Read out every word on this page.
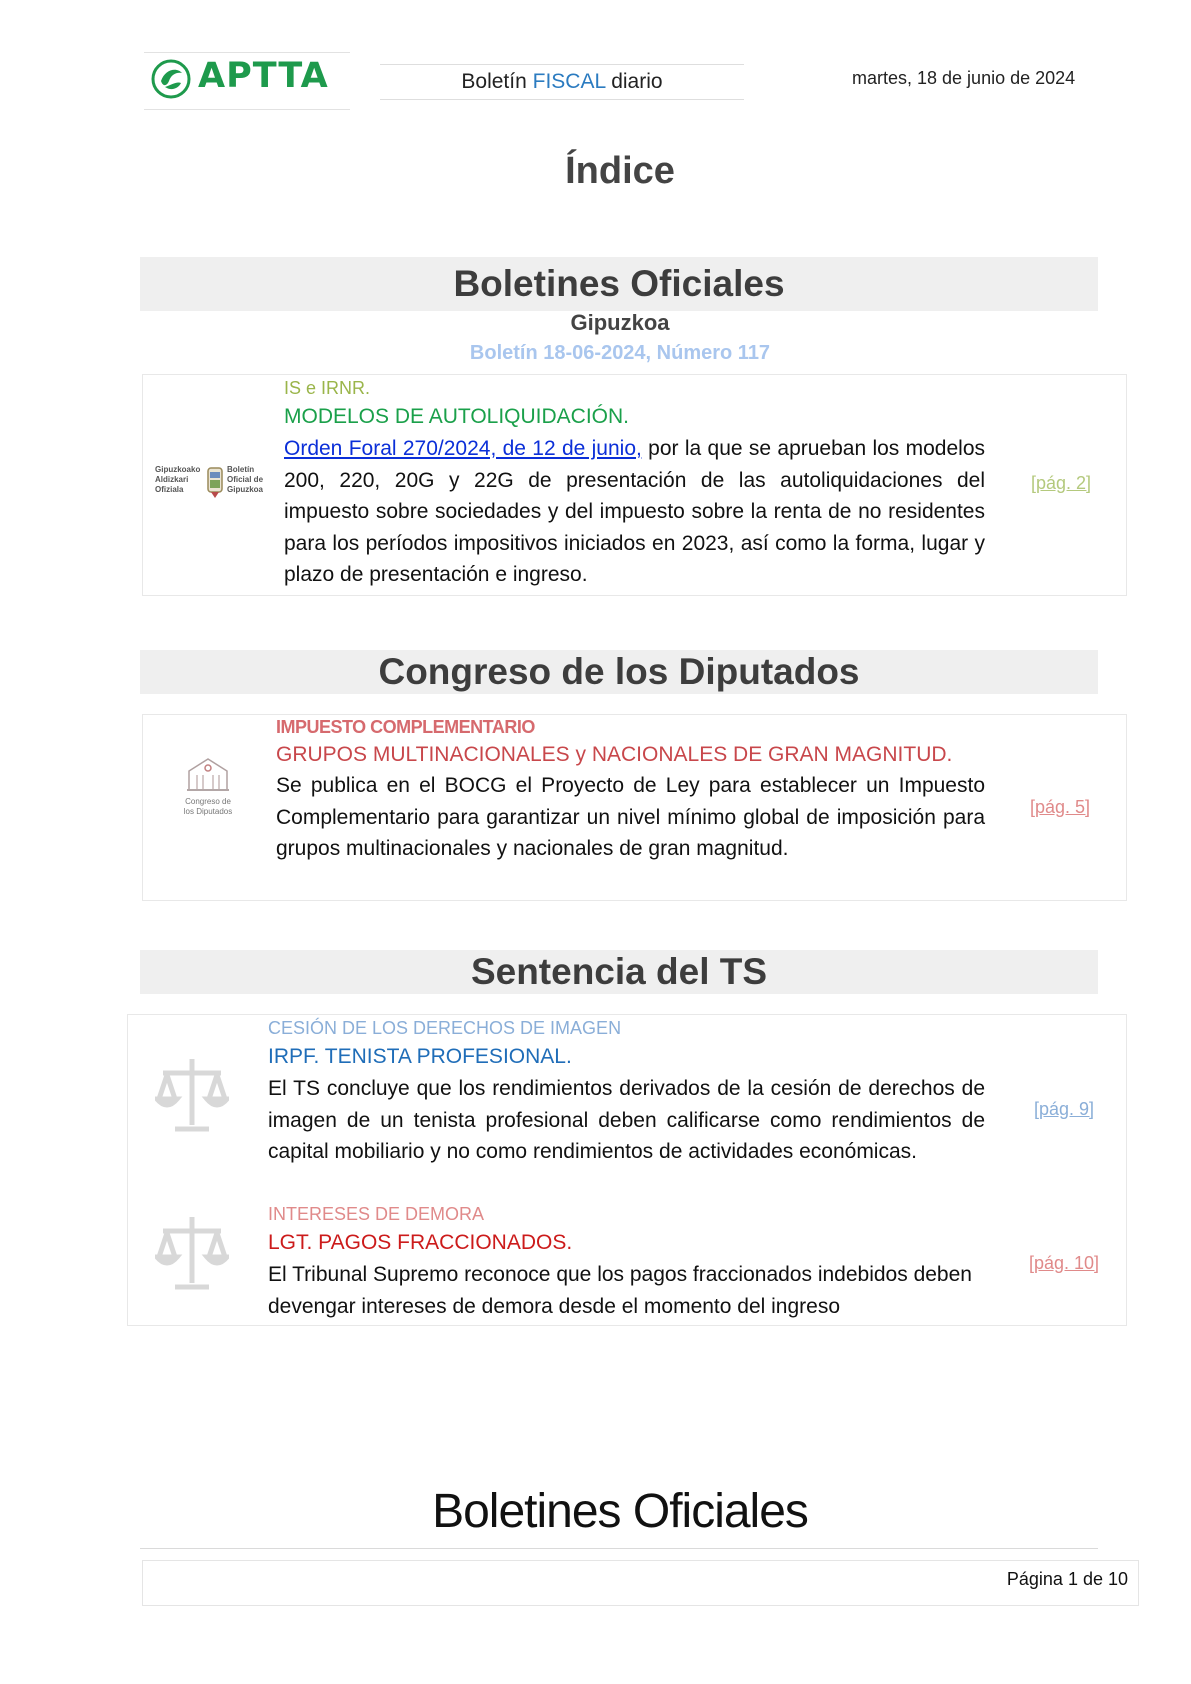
APTTA	Boletín FISCAL diario	martes, 18 de junio de 2024
Índice
Boletines Oficiales
Gipuzkoa
Boletín 18-06-2024, Número 117
Gipuzkoako
Aldizkari
Ofiziala
Boletín
Oficial de
Gipuzkoa
IS e IRNR.
MODELOS DE AUTOLIQUIDACIÓN.
Orden Foral 270/2024, de 12 de junio, por la que se aprueban los modelos 200, 220, 20G y 22G de presentación de las autoliquidaciones del impuesto sobre sociedades y del impuesto sobre la renta de no residentes para los períodos impositivos iniciados en 2023, así como la forma, lugar y plazo de presentación e ingreso.
[pág. 2]
Congreso de los Diputados
Congreso de
los Diputados
IMPUESTO COMPLEMENTARIO
GRUPOS MULTINACIONALES y NACIONALES DE GRAN MAGNITUD.
Se publica en el BOCG el Proyecto de Ley para establecer un Impuesto Complementario para garantizar un nivel mínimo global de imposición para grupos multinacionales y nacionales de gran magnitud.
[pág. 5]
Sentencia del TS
CESIÓN DE LOS DERECHOS DE IMAGEN
IRPF. TENISTA PROFESIONAL.
El TS concluye que los rendimientos derivados de la cesión de derechos de imagen de un tenista profesional deben calificarse como rendimientos de capital mobiliario y no como rendimientos de actividades económicas.
[pág. 9]
INTERESES DE DEMORA
LGT. PAGOS FRACCIONADOS.
El Tribunal Supremo reconoce que los pagos fraccionados indebidos deben devengar intereses de demora desde el momento del ingreso
[pág. 10]
Boletines Oficiales
Página 1 de 10
